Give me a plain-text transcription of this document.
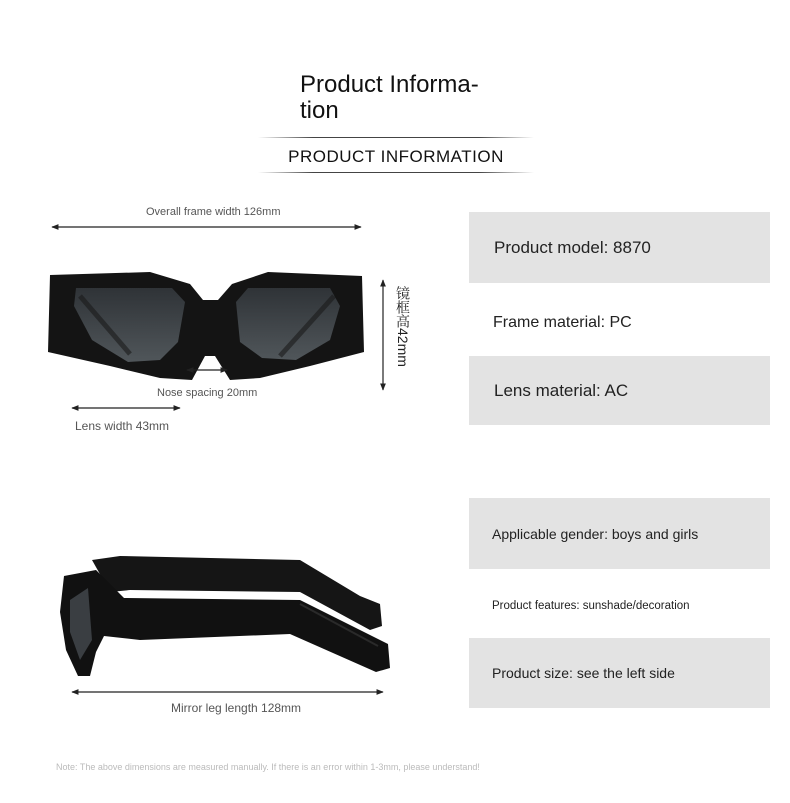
Product Informa-
tion
PRODUCT INFORMATION
Overall frame width 126mm
Nose spacing 20mm
Lens width 43mm
镜框高42mm
Mirror leg length 128mm
Product model: 8870
Frame material: PC
Lens material: AC
Applicable gender: boys and girls
Product features: sunshade/decoration
Product size: see the left side
Note: The above dimensions are measured manually. If there is an error within 1-3mm, please understand!
